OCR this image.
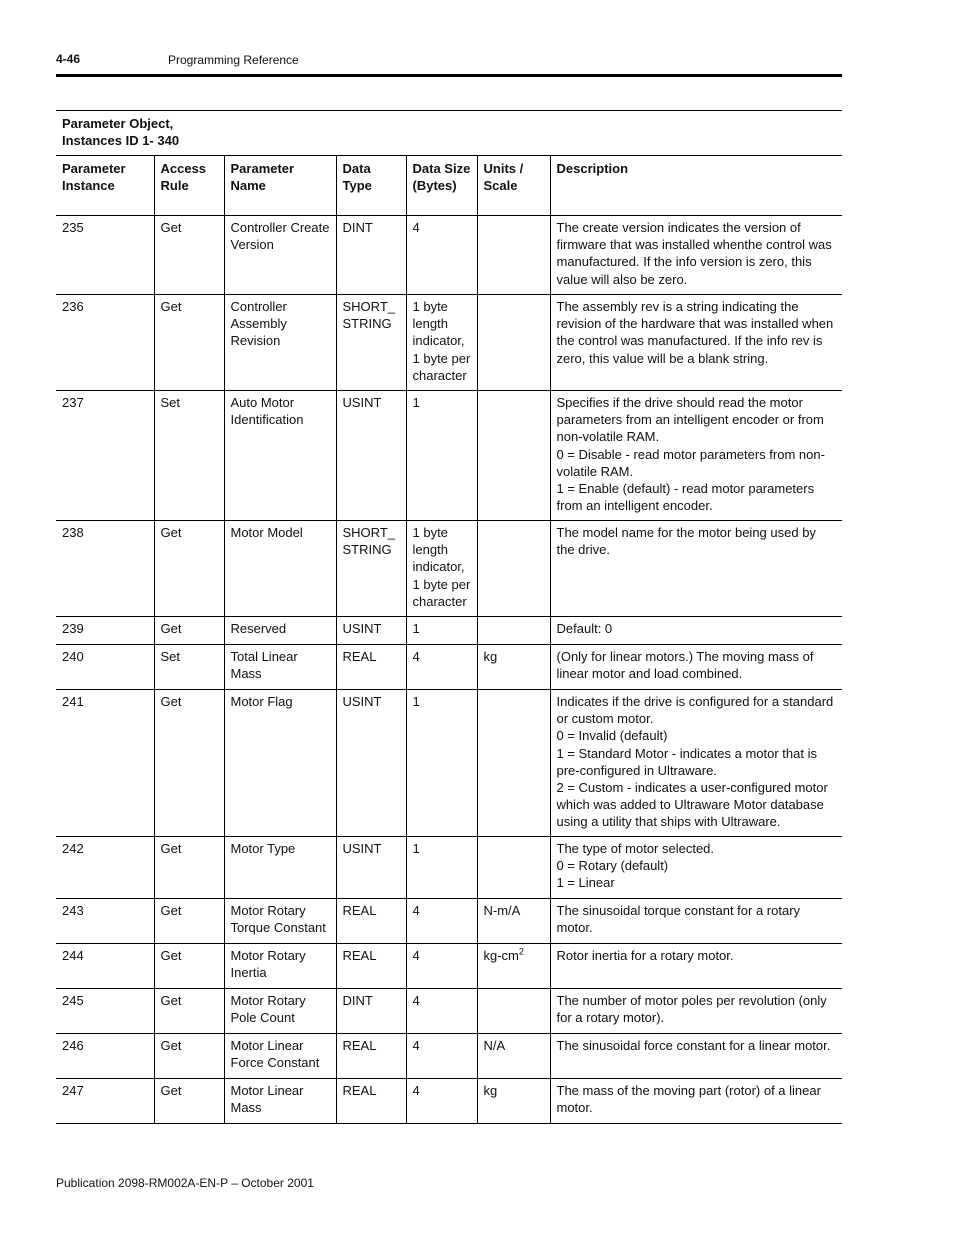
4-46	Programming Reference
Parameter Object,
Instances ID 1- 340
Parameter Instance	Access Rule	Parameter Name	Data Type	Data Size (Bytes)	Units / Scale	Description
235	Get	Controller Create Version	DINT	4		The create version indicates the version of firmware that was installed whenthe control was manufactured. If the info version is zero, this value will also be zero.
236	Get	Controller Assembly Revision	SHORT_STRING	1 byte length indicator, 1 byte per character		The assembly rev is a string indicating the revision of the hardware that was installed when the control was manufactured. If the info rev is zero, this value will be a blank string.
237	Set	Auto Motor Identification	USINT	1		Specifies if the drive should read the motor parameters from an intelligent encoder or from non-volatile RAM.
0 = Disable - read motor parameters from non-volatile RAM.
1 = Enable (default) - read motor parameters from an intelligent encoder.

238	Get	Motor Model	SHORT_STRING	1 byte length indicator, 1 byte per character		The model name for the motor being used by the drive.
239	Get	Reserved	USINT	1		Default: 0
240	Set	Total Linear Mass	REAL	4	kg	(Only for linear motors.) The moving mass of linear motor and load combined.
241	Get	Motor Flag	USINT	1		Indicates if the drive is configured for a standard or custom motor.
0 = Invalid (default)
1 = Standard Motor - indicates a motor that is pre-configured in Ultraware.
2 = Custom - indicates a user-configured motor which was added to Ultraware Motor database using a utility that ships with Ultraware.

242	Get	Motor Type	USINT	1		The type of motor selected.
0 = Rotary (default)
1 = Linear

243	Get	Motor Rotary Torque Constant	REAL	4	N-m/A	The sinusoidal torque constant for a rotary motor.
244	Get	Motor Rotary Inertia	REAL	4	$kg-cm^2$	Rotor inertia for a rotary motor.
245	Get	Motor Rotary Pole Count	DINT	4		The number of motor poles per revolution (only for a rotary motor).
246	Get	Motor Linear Force Constant	REAL	4	N/A	The sinusoidal force constant for a linear motor.
247	Get	Motor Linear Mass	REAL	4	kg	The mass of the moving part (rotor) of a linear motor.
Publication 2098-RM002A-EN-P – October 2001
